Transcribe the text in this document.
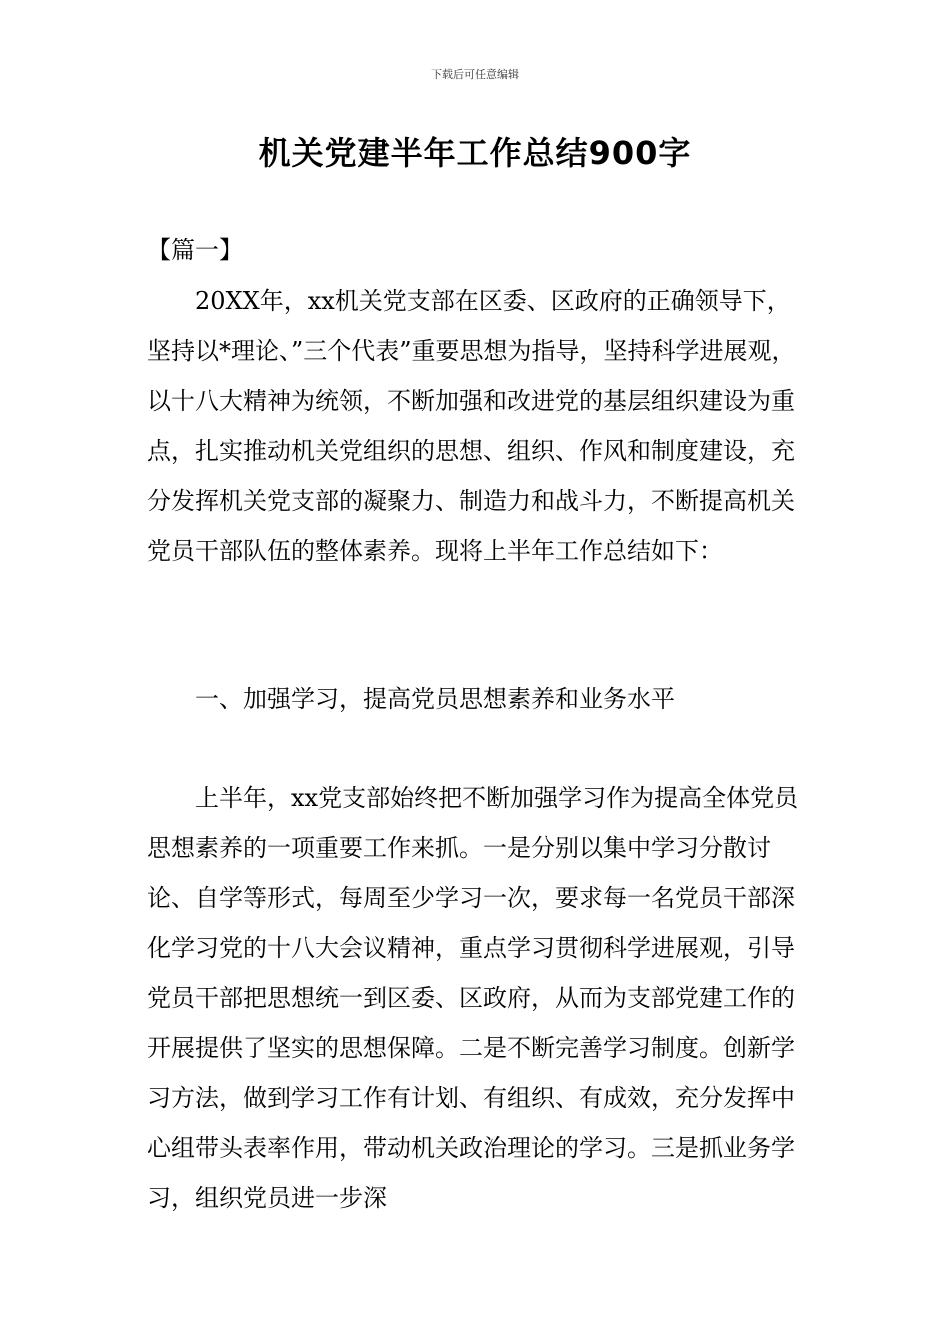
下载后可任意编辑
机关党建半年工作总结900字
【篇一】

20XX年，xx机关党支部在区委、区政府的正确领导下，坚持以*理论、”三个代表”重要思想为指导，坚持科学进展观，以十八大精神为统领，不断加强和改进党的基层组织建设为重点，扎实推动机关党组织的思想、组织、作风和制度建设，充分发挥机关党支部的凝聚力、制造力和战斗力，不断提高机关党员干部队伍的整体素养。现将上半年工作总结如下：

一、加强学习，提高党员思想素养和业务水平

上半年，xx党支部始终把不断加强学习作为提高全体党员思想素养的一项重要工作来抓。一是分别以集中学习分散讨论、自学等形式，每周至少学习一次，要求每一名党员干部深化学习党的十八大会议精神，重点学习贯彻科学进展观，引导党员干部把思想统一到区委、区政府，从而为支部党建工作的开展提供了坚实的思想保障。二是不断完善学习制度。创新学习方法，做到学习工作有计划、有组织、有成效，充分发挥中心组带头表率作用，带动机关政治理论的学习。三是抓业务学习，组织党员进一步深
